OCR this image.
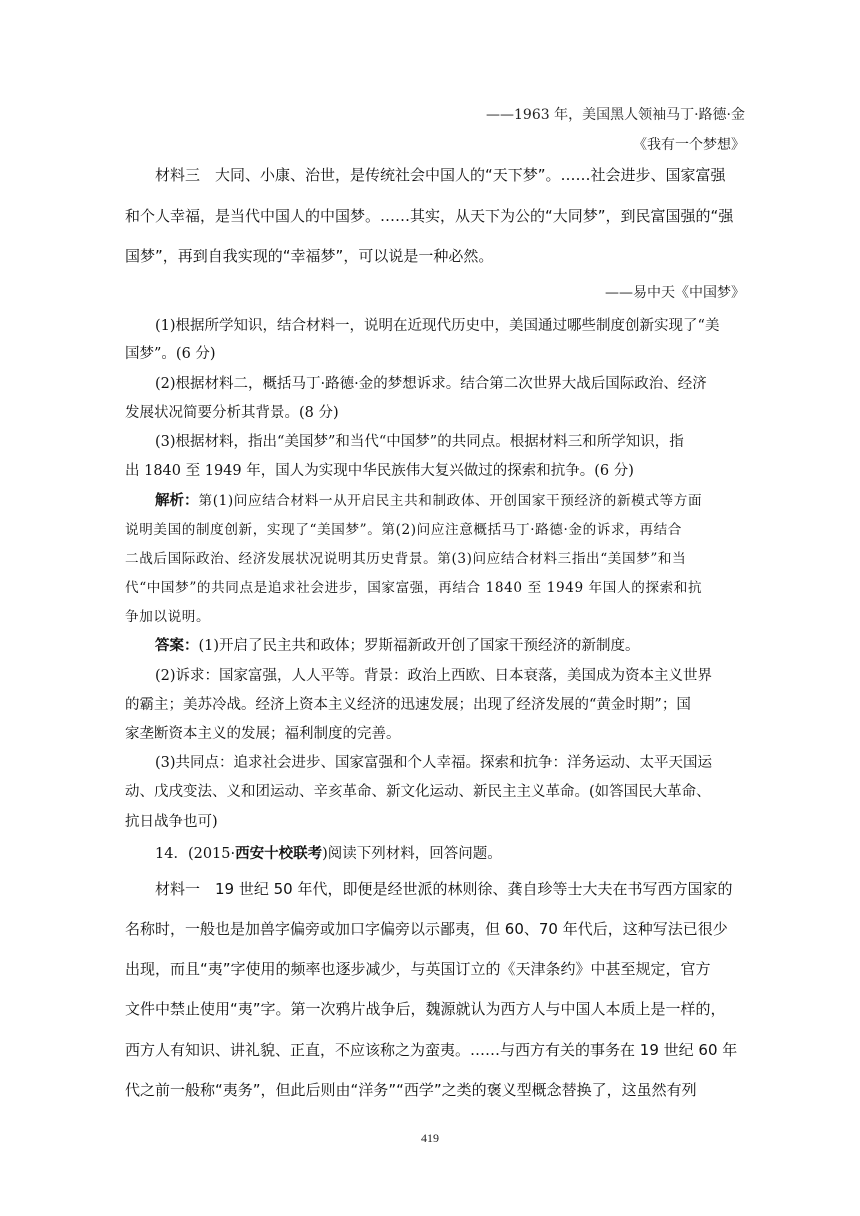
——1963 年，美国黑人领袖马丁·路德·金
《我有一个梦想》
材料三　大同、小康、治世，是传统社会中国人的“天下梦”。……社会进步、国家富强
和个人幸福，是当代中国人的中国梦。……其实，从天下为公的“大同梦”，到民富国强的“强
国梦”，再到自我实现的“幸福梦”，可以说是一种必然。
——易中天《中国梦》
(1)根据所学知识，结合材料一，说明在近现代历史中，美国通过哪些制度创新实现了“美
国梦”。(6 分)
(2)根据材料二，概括马丁·路德·金的梦想诉求。结合第二次世界大战后国际政治、经济
发展状况简要分析其背景。(8 分)
(3)根据材料，指出“美国梦”和当代“中国梦”的共同点。根据材料三和所学知识，指
出 1840 至 1949 年，国人为实现中华民族伟大复兴做过的探索和抗争。(6 分)
解析：第(1)问应结合材料一从开启民主共和制政体、开创国家干预经济的新模式等方面
说明美国的制度创新，实现了“美国梦”。第(2)问应注意概括马丁·路德·金的诉求，再结合
二战后国际政治、经济发展状况说明其历史背景。第(3)问应结合材料三指出“美国梦”和当
代“中国梦”的共同点是追求社会进步，国家富强，再结合 1840 至 1949 年国人的探索和抗
争加以说明。
答案：(1)开启了民主共和政体；罗斯福新政开创了国家干预经济的新制度。
(2)诉求：国家富强，人人平等。背景：政治上西欧、日本衰落，美国成为资本主义世界
的霸主；美苏冷战。经济上资本主义经济的迅速发展；出现了经济发展的“黄金时期”；国
家垄断资本主义的发展；福利制度的完善。
(3)共同点：追求社会进步、国家富强和个人幸福。探索和抗争：洋务运动、太平天国运
动、戊戌变法、义和团运动、辛亥革命、新文化运动、新民主主义革命。(如答国民大革命、
抗日战争也可)
14．(2015·西安十校联考)阅读下列材料，回答问题。
材料一　19 世纪 50 年代，即便是经世派的林则徐、龚自珍等士大夫在书写西方国家的
名称时，一般也是加兽字偏旁或加口字偏旁以示鄙夷，但 60、70 年代后，这种写法已很少
出现，而且“夷”字使用的频率也逐步减少，与英国订立的《天津条约》中甚至规定，官方
文件中禁止使用“夷”字。第一次鸦片战争后，魏源就认为西方人与中国人本质上是一样的，
西方人有知识、讲礼貌、正直，不应该称之为蛮夷。……与西方有关的事务在 19 世纪 60 年
代之前一般称“夷务”，但此后则由“洋务”“西学”之类的褒义型概念替换了，这虽然有列
419
